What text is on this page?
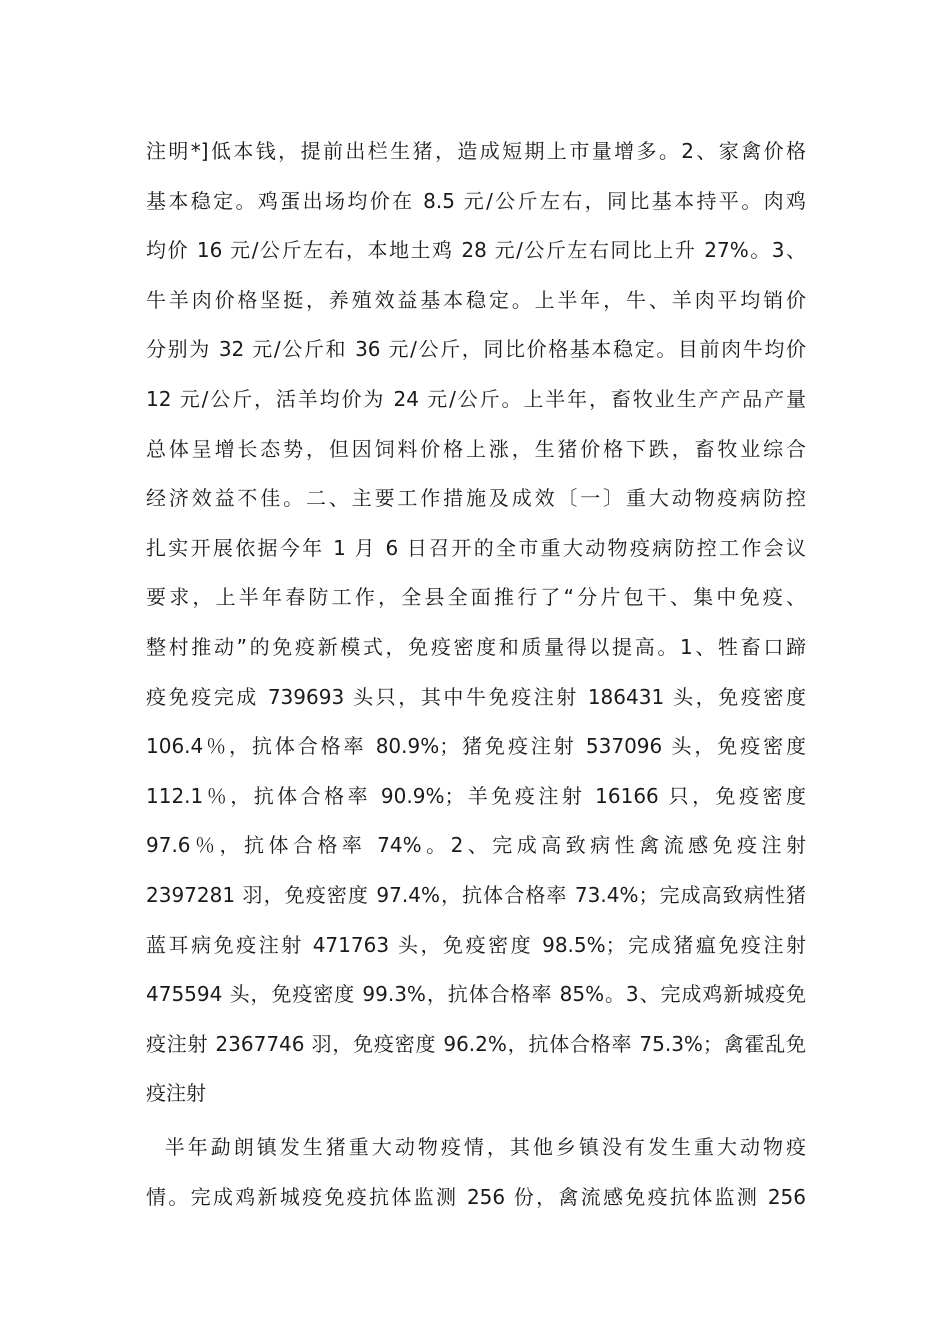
注明*]低本钱，提前出栏生猪，造成短期上市量增多。2、家禽价格
基本稳定。鸡蛋出场均价在 8.5 元/公斤左右，同比基本持平。肉鸡
均价 16 元/公斤左右，本地土鸡 28 元/公斤左右同比上升 27%。3、
牛羊肉价格坚挺，养殖效益基本稳定。上半年，牛、羊肉平均销价
分别为 32 元/公斤和 36 元/公斤，同比价格基本稳定。目前肉牛均价
12 元/公斤，活羊均价为 24 元/公斤。上半年，畜牧业生产产品产量
总体呈增长态势，但因饲料价格上涨，生猪价格下跌，畜牧业综合
经济效益不佳。二、主要工作措施及成效〔一〕重大动物疫病防控
扎实开展依据今年 1 月 6 日召开的全市重大动物疫病防控工作会议
要求，上半年春防工作，全县全面推行了“分片包干、集中免疫、
整村推动”的免疫新模式，免疫密度和质量得以提高。1、牲畜口蹄
疫免疫完成 739693 头只，其中牛免疫注射 186431 头，免疫密度
106.4％，抗体合格率 80.9%；猪免疫注射 537096 头，免疫密度
112.1％，抗体合格率 90.9%；羊免疫注射 16166 只，免疫密度
97.6％，抗体合格率 74%。2、完成高致病性禽流感免疫注射
2397281 羽，免疫密度 97.4%，抗体合格率 73.4%；完成高致病性猪
蓝耳病免疫注射 471763 头，免疫密度 98.5%；完成猪瘟免疫注射
475594 头，免疫密度 99.3%，抗体合格率 85%。3、完成鸡新城疫免
疫注射 2367746 羽，免疫密度 96.2%，抗体合格率 75.3%；禽霍乱免
疫注射
半年勐朗镇发生猪重大动物疫情，其他乡镇没有发生重大动物疫
情。完成鸡新城疫免疫抗体监测 256 份，禽流感免疫抗体监测 256
